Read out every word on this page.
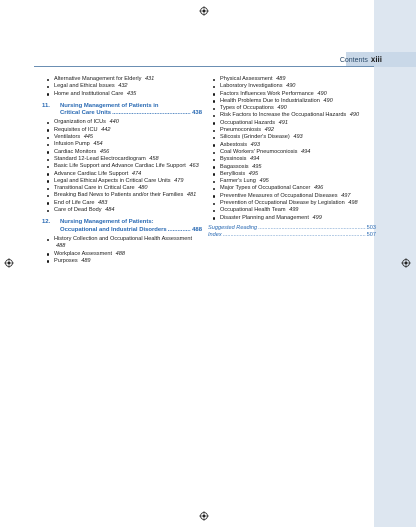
Contents xiii
Alternative Management for Elderly 431
Legal and Ethical Issues 432
Home and Institutional Care 435
11. Nursing Management of Patients in
Critical Care Units .....	438
Organization of ICUs 440
Requisites of ICU 442
Ventilators 445
Infusion Pump 454
Cardiac Monitors 456
Standard 12-Lead Electrocardiogram 458
Basic Life Support and Advance Cardiac Life Support 463
Advance Cardiac Life Support 474
Legal and Ethical Aspects in Critical Care Units 479
Transitional Care in Critical Care 480
Breaking Bad News to Patients and/or their Families 481
End of Life Care 483
Care of Dead Body 484
12. Nursing Management of Patients:
Occupational and Industrial Disorders .....	488
History Collection and Occupational Health Assessment 488
Workplace Assessment 488
Purposes 489
Physical Assessment 489
Laboratory Investigations 490
Factors Influences Work Performance 490
Health Problems Due to Industrialization 490
Types of Occupations 490
Risk Factors to Increase the Occupational Hazards 490
Occupational Hazards 491
Pneumoconiosis 492
Silicosis (Grinder's Disease) 493
Asbestosis 493
Coal Workers' Pneumoconiosis 494
Byssinosis 494
Bagassosis 495
Berylliosis 495
Farmer's Lung 495
Major Types of Occupational Cancer 496
Preventive Measures of Occupational Diseases 497
Prevention of Occupational Disease by Legislation 498
Occupational Health Team 499
Disaster Planning and Management 499
Suggested Reading .....	503
Index .....	507
